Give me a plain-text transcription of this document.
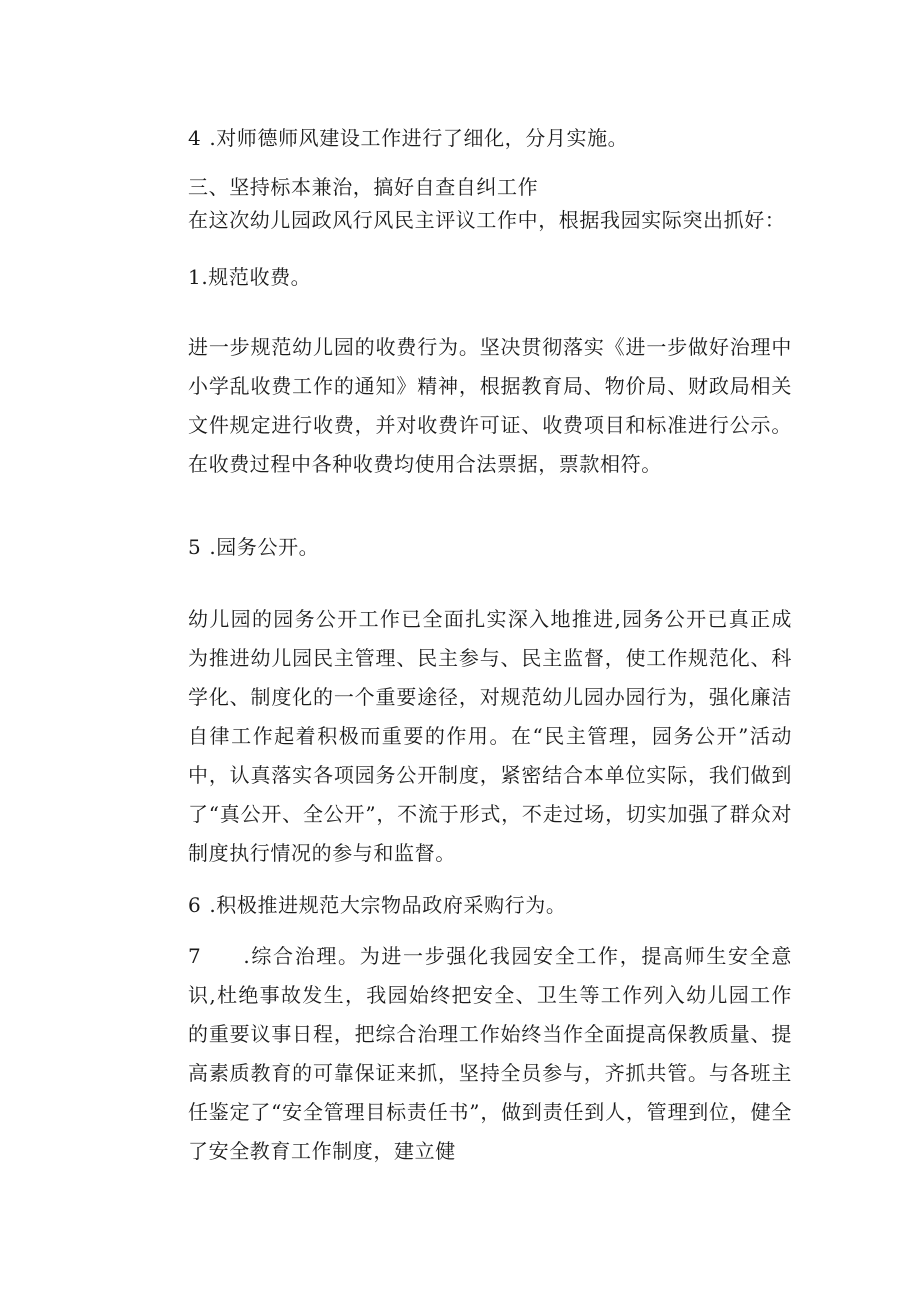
4 .对师德师风建设工作进行了细化，分月实施。
三、坚持标本兼治，搞好自查自纠工作
在这次幼儿园政风行风民主评议工作中，根据我园实际突出抓好：
1.规范收费。
进一步规范幼儿园的收费行为。坚决贯彻落实《进一步做好治理中小学乱收费工作的通知》精神，根据教育局、物价局、财政局相关文件规定进行收费，并对收费许可证、收费项目和标准进行公示。在收费过程中各种收费均使用合法票据，票款相符。
5 .园务公开。
幼儿园的园务公开工作已全面扎实深入地推进,园务公开已真正成为推进幼儿园民主管理、民主参与、民主监督，使工作规范化、科学化、制度化的一个重要途径，对规范幼儿园办园行为，强化廉洁自律工作起着积极而重要的作用。在“民主管理，园务公开”活动中，认真落实各项园务公开制度，紧密结合本单位实际，我们做到了“真公开、全公开”，不流于形式，不走过场，切实加强了群众对制度执行情况的参与和监督。
6 .积极推进规范大宗物品政府采购行为。
7 .综合治理。为进一步强化我园安全工作，提高师生安全意识,杜绝事故发生，我园始终把安全、卫生等工作列入幼儿园工作的重要议事日程，把综合治理工作始终当作全面提高保教质量、提高素质教育的可靠保证来抓，坚持全员参与，齐抓共管。与各班主任鉴定了“安全管理目标责任书”，做到责任到人，管理到位，健全了安全教育工作制度，建立健
